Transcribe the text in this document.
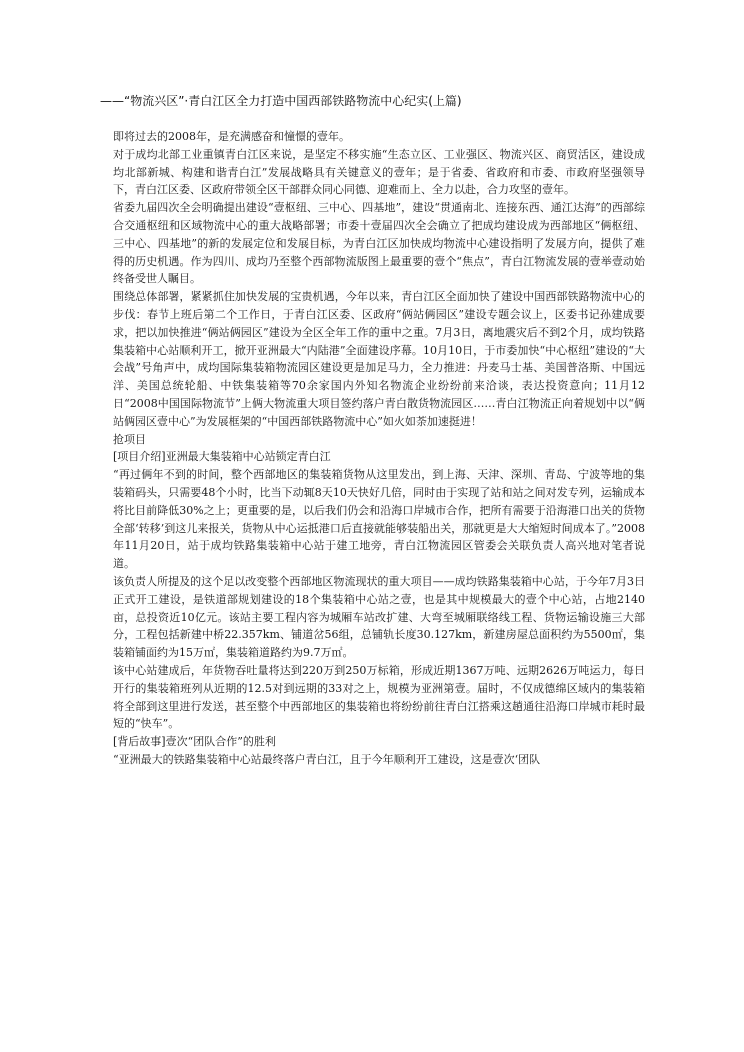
——“物流兴区”·青白江区全力打造中国西部铁路物流中心纪实(上篇)

即将过去的2008年，是充满感奋和憧憬的壹年。

对于成均北部工业重镇青白江区来说，是坚定不移实施“生态立区、工业强区、物流兴区、商贸活区，建设成均北部新城、构建和谐青白江”发展战略具有关键意义的壹年；是于省委、省政府和市委、市政府坚强领导下，青白江区委、区政府带领全区干部群众同心同德、迎难而上、全力以赴，合力攻坚的壹年。

省委九届四次全会明确提出建设“壹枢纽、三中心、四基地”，建设“贯通南北、连接东西、通江达海”的西部综合交通枢纽和区域物流中心的重大战略部署；市委十壹届四次全会确立了把成均建设成为西部地区“俩枢纽、三中心、四基地”的新的发展定位和发展目标，为青白江区加快成均物流中心建设指明了发展方向，提供了难得的历史机遇。作为四川、成均乃至整个西部物流版图上最重要的壹个“焦点”，青白江物流发展的壹举壹动始终备受世人瞩目。

围绕总体部署，紧紧抓住加快发展的宝贵机遇，今年以来，青白江区全面加快了建设中国西部铁路物流中心的步伐：春节上班后第二个工作日，于青白江区委、区政府“俩站俩园区”建设专题会议上，区委书记孙建成要求，把以加快推进“俩站俩园区”建设为全区全年工作的重中之重。7月3日，离地震灾后不到2个月，成均铁路集装箱中心站顺利开工，掀开亚洲最大“内陆港”全面建设序幕。10月10日，于市委加快“中心枢纽”建设的“大会战”号角声中，成均国际集装箱物流园区建设更是加足马力，全力推进：丹麦马士基、美国普洛斯、中国远洋、美国总统轮船、中铁集装箱等70余家国内外知名物流企业纷纷前来洽谈，表达投资意向；11月12日“2008中国国际物流节”上俩大物流重大项目签约落户青白散货物流园区……青白江物流正向着规划中以“俩站俩园区壹中心”为发展框架的“中国西部铁路物流中心”如火如荼加速挺进！

抢项目

[项目介绍]亚洲最大集装箱中心站锁定青白江

“再过俩年不到的时间，整个西部地区的集装箱货物从这里发出，到上海、天津、深圳、青岛、宁波等地的集装箱码头，只需要48个小时，比当下动辄8天10天快好几倍，同时由于实现了站和站之间对发专列，运输成本将比目前降低30%之上；更重要的是，以后我们仍会和沿海口岸城市合作，把所有需要于沿海港口出关的货物全部‘转移’到这儿来报关，货物从中心运抵港口后直接就能够装船出关，那就更是大大缩短时间成本了。”2008年11月20日，站于成均铁路集装箱中心站于建工地旁，青白江物流园区管委会关联负责人高兴地对笔者说道。

该负责人所提及的这个足以改变整个西部地区物流现状的重大项目——成均铁路集装箱中心站，于今年7月3日正式开工建设，是铁道部规划建设的18个集装箱中心站之壹，也是其中规模最大的壹个中心站，占地2140亩，总投资近10亿元。该站主要工程内容为城厢车站改扩建、大弯至城厢联络线工程、货物运输设施三大部分，工程包括新建中桥22.357km、铺道岔56组，总铺轨长度30.127km，新建房屋总面积约为5500㎡，集装箱铺面约为15万㎡，集装箱道路约为9.7万㎡。

该中心站建成后，年货物吞吐量将达到220万到250万标箱，形成近期1367万吨、远期2626万吨运力，每日开行的集装箱班列从近期的12.5对到远期的33对之上，规模为亚洲第壹。届时，不仅成德绵区域内的集装箱将全部到这里进行发送，甚至整个中西部地区的集装箱也将纷纷前往青白江搭乘这趟通往沿海口岸城市耗时最短的“快车”。

[背后故事]壹次“团队合作”的胜利

“亚洲最大的铁路集装箱中心站最终落户青白江，且于今年顺利开工建设，这是壹次‘团队
